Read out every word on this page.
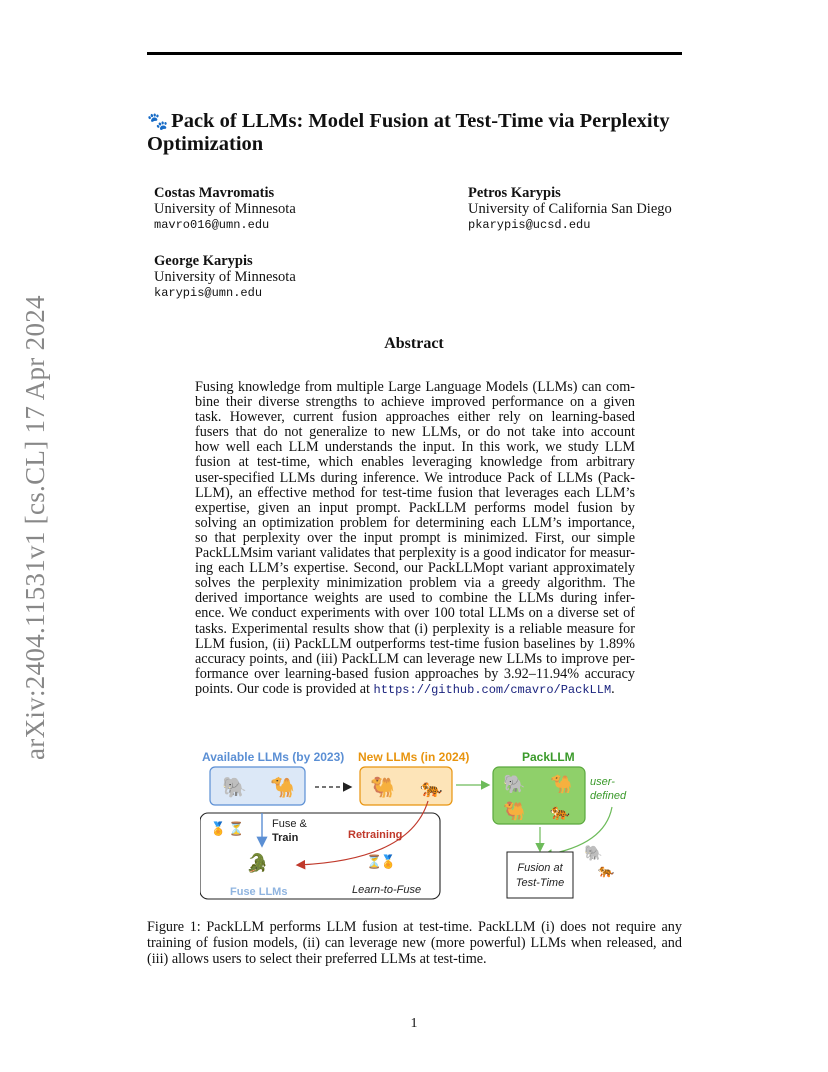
🐾 Pack of LLMs: Model Fusion at Test-Time via Perplexity
Optimization
Costas Mavromatis
University of Minnesota
mavro016@umn.edu
Petros Karypis
University of California San Diego
pkarypis@ucsd.edu
George Karypis
University of Minnesota
karypis@umn.edu
arXiv:2404.11531v1 [cs.CL] 17 Apr 2024	Abstract
Fusing knowledge from multiple Large Language Models (LLMs) can com-
bine their diverse strengths to achieve improved performance on a given
task. However, current fusion approaches either rely on learning-based
fusers that do not generalize to new LLMs, or do not take into account
how well each LLM understands the input. In this work, we study LLM
fusion at test-time, which enables leveraging knowledge from arbitrary
user-specified LLMs during inference. We introduce Pack of LLMs (Pack-
LLM), an effective method for test-time fusion that leverages each LLM’s
expertise, given an input prompt. PackLLM performs model fusion by
solving an optimization problem for determining each LLM’s importance,
so that perplexity over the input prompt is minimized. First, our simple
PackLLMsim variant validates that perplexity is a good indicator for measur-
ing each LLM’s expertise. Second, our PackLLMopt variant approximately
solves the perplexity minimization problem via a greedy algorithm. The
derived importance weights are used to combine the LLMs during infer-
ence. We conduct experiments with over 100 total LLMs on a diverse set of
tasks. Experimental results show that (i) perplexity is a reliable measure for
LLM fusion, (ii) PackLLM outperforms test-time fusion baselines by 1.89%
accuracy points, and (iii) PackLLM can leverage new LLMs to improve per-
formance over learning-based fusion approaches by 3.92–11.94% accuracy
points. Our code is provided at https://github.com/cmavro/PackLLM.
Available LLMs (by 2023)
🐘 🐪
New LLMs (in 2024)
🐫 🐅
PackLLM
🐘 🐪
🐫 🐅
user-
defined
🐘
🐅
Fusion at
Test-Time
🏅 ⏳	Fuse &
Train
🐊
Fuse LLMs
Retraining
⏳
🏅
Learn-to-Fuse
Figure 1: PackLLM performs LLM fusion at test-time. PackLLM (i) does not require any
training of fusion models, (ii) can leverage new (more powerful) LLMs when released, and
(iii) allows users to select their preferred LLMs at test-time.
1
